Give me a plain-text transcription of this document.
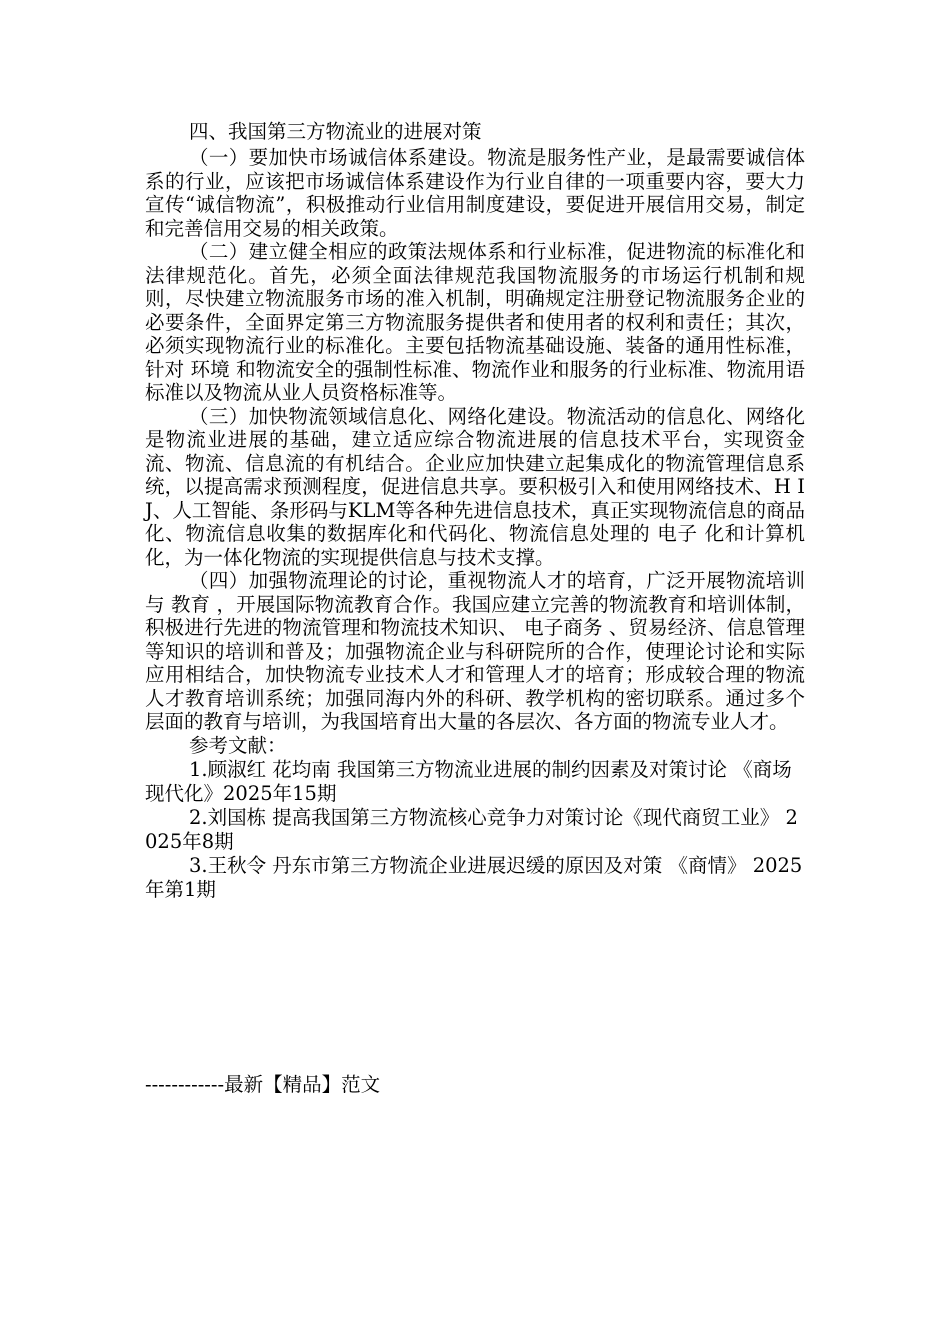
四、我国第三方物流业的进展对策

（一）要加快市场诚信体系建设。物流是服务性产业，是最需要诚信体系的行业，应该把市场诚信体系建设作为行业自律的一项重要内容，要大力宣传“诚信物流”，积极推动行业信用制度建设，要促进开展信用交易，制定和完善信用交易的相关政策。

（二）建立健全相应的政策法规体系和行业标准，促进物流的标准化和法律规范化。首先，必须全面法律规范我国物流服务的市场运行机制和规则，尽快建立物流服务市场的准入机制，明确规定注册登记物流服务企业的必要条件，全面界定第三方物流服务提供者和使用者的权利和责任；其次，必须实现物流行业的标准化。主要包括物流基础设施、装备的通用性标准，针对 环境 和物流安全的强制性标准、物流作业和服务的行业标准、物流用语标准以及物流从业人员资格标准等。

（三）加快物流领域信息化、网络化建设。物流活动的信息化、网络化是物流业进展的基础，建立适应综合物流进展的信息技术平台，实现资金流、物流、信息流的有机结合。企业应加快建立起集成化的物流管理信息系统，以提高需求预测程度，促进信息共享。要积极引入和使用网络技术、H IJ、人工智能、条形码与KLM等各种先进信息技术，真正实现物流信息的商品化、物流信息收集的数据库化和代码化、物流信息处理的 电子 化和计算机化，为一体化物流的实现提供信息与技术支撑。

（四）加强物流理论的讨论，重视物流人才的培育，广泛开展物流培训与 教育 ，开展国际物流教育合作。我国应建立完善的物流教育和培训体制，积极进行先进的物流管理和物流技术知识、 电子商务 、贸易经济、信息管理等知识的培训和普及；加强物流企业与科研院所的合作，使理论讨论和实际应用相结合，加快物流专业技术人才和管理人才的培育；形成较合理的物流人才教育培训系统；加强同海内外的科研、教学机构的密切联系。通过多个层面的教育与培训，为我国培育出大量的各层次、各方面的物流专业人才。

参考文献：

1.顾淑红 花均南 我国第三方物流业进展的制约因素及对策讨论 《商场现代化》2025年15期

2.刘国栋 提高我国第三方物流核心竞争力对策讨论《现代商贸工业》 2025年8期

3.王秋令 丹东市第三方物流企业进展迟缓的原因及对策 《商情》 2025年第1期

------------最新【精品】范文
